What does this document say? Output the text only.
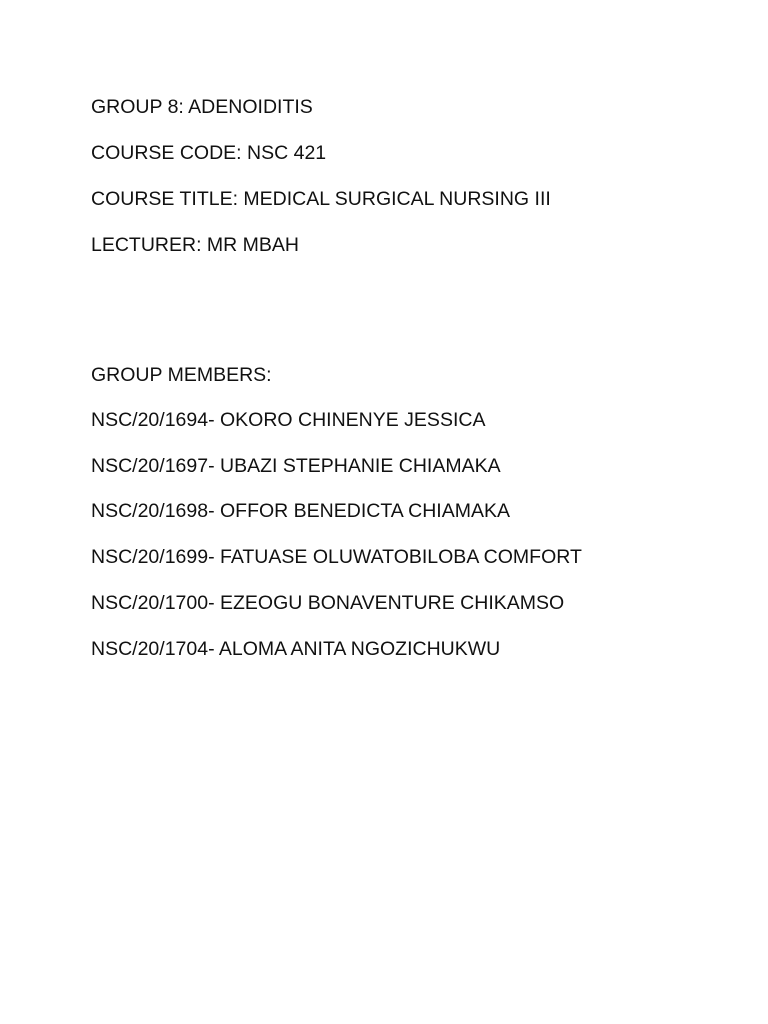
GROUP 8: ADENOIDITIS

COURSE CODE: NSC 421

COURSE TITLE: MEDICAL SURGICAL NURSING III

LECTURER: MR MBAH

GROUP MEMBERS:

NSC/20/1694- OKORO CHINENYE JESSICA

NSC/20/1697- UBAZI STEPHANIE CHIAMAKA

NSC/20/1698- OFFOR BENEDICTA CHIAMAKA

NSC/20/1699- FATUASE OLUWATOBILOBA COMFORT

NSC/20/1700- EZEOGU BONAVENTURE CHIKAMSO

NSC/20/1704- ALOMA ANITA NGOZICHUKWU
